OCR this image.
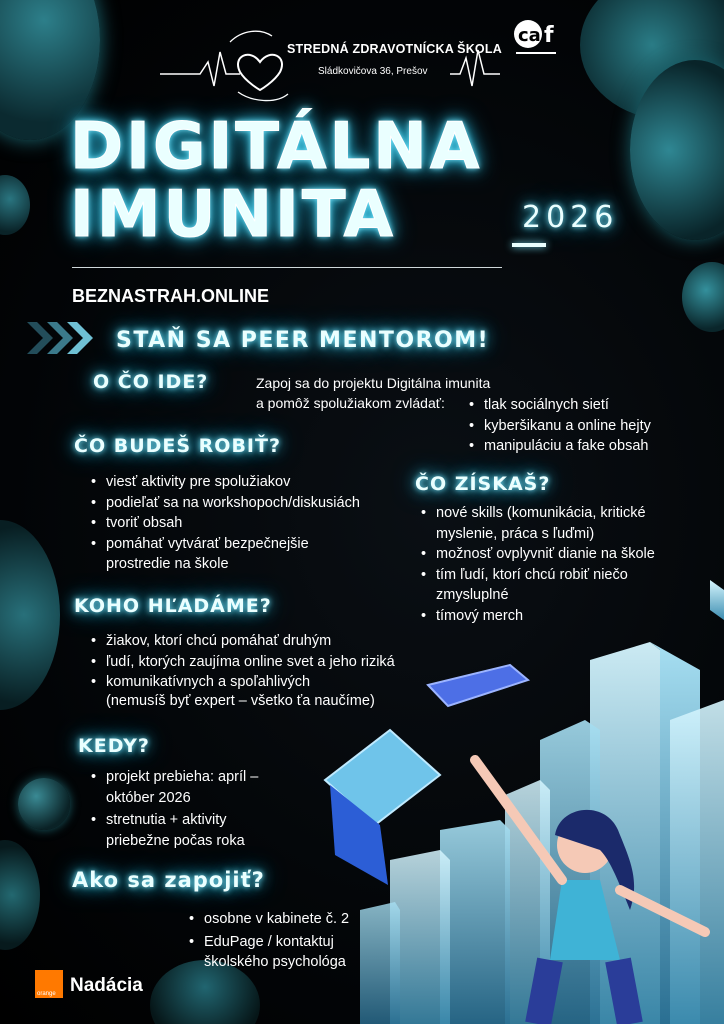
STREDNÁ ZDRAVOTNÍCKA ŠKOLA
Sládkovičova 36, Prešov
ca f
DIGITÁLNA
IMUNITA	2026
BEZNASTRAH.ONLINE
STAŇ SA PEER MENTOROM!
O ČO IDE?	Zapoj sa do projektu Digitálna imunita
a pomôž spolužiakom zvládať:
•	tlak sociálnych sietí
• kyberšikanu a online hejty
• manipuláciu a fake obsah
ČO BUDEŠ ROBIŤ?
• viesť aktivity pre spolužiakov
• podieľať sa na workshopoch/diskusiách
• tvoriť obsah
• pomáhať vytvárať bezpečnejšie prostredie na škole
ČO ZÍSKAŠ?
• nové skills (komunikácia, kritické myslenie, práca s ľuďmi)
• možnosť ovplyvniť dianie na škole
• tím ľudí, ktorí chcú robiť niečo zmysluplné
• tímový merch
KOHO HĽADÁME?
• žiakov, ktorí chcú pomáhať druhým
• ľudí, ktorých zaujíma online svet a jeho riziká
• komunikatívnych a spoľahlivých
(nemusíš byť expert – všetko ťa naučíme)
KEDY?
• projekt prebieha: apríl – október 2026
• stretnutia + aktivity priebežne počas roka
Ako sa zapojiť?
• osobne v kabinete č. 2
• EduPage / kontaktuj školského psychológa
orange Nadácia
